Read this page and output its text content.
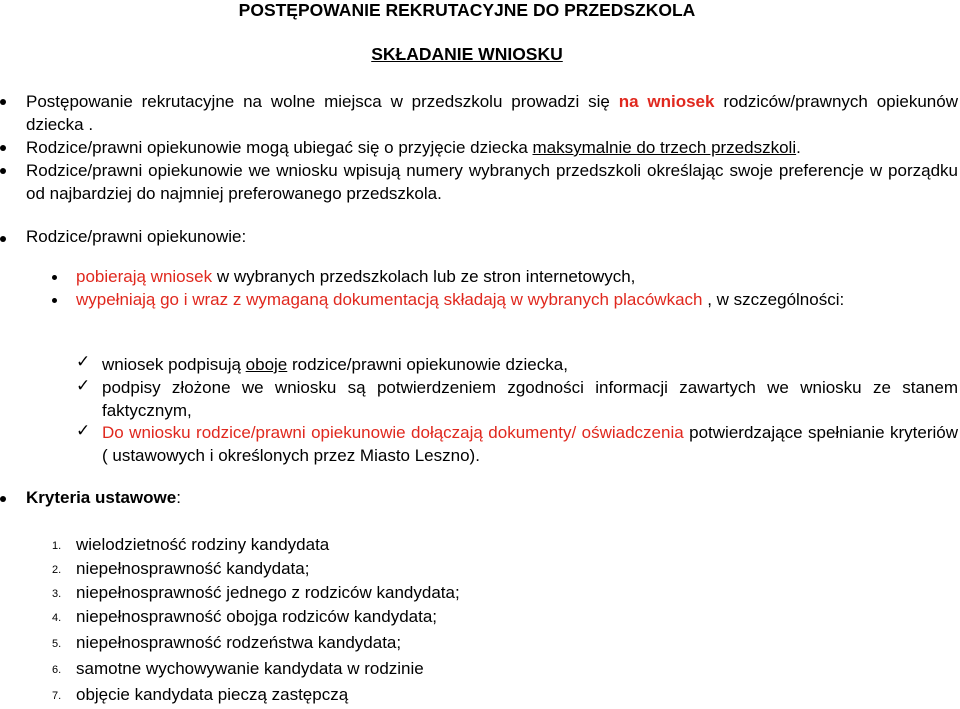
POSTĘPOWANIE REKRUTACYJNE DO PRZEDSZKOLA
SKŁADANIE WNIOSKU
Postępowanie rekrutacyjne na wolne miejsca w przedszkolu prowadzi się na wniosek rodziców/prawnych opiekunów dziecka .
Rodzice/prawni opiekunowie mogą ubiegać się o przyjęcie dziecka maksymalnie do trzech przedszkoli.
Rodzice/prawni opiekunowie we wniosku wpisują numery wybranych przedszkoli określając swoje preferencje w porządku od najbardziej do najmniej preferowanego przedszkola.
Rodzice/prawni opiekunowie:
pobierają wniosek w wybranych przedszkolach lub ze stron internetowych,
wypełniają go i wraz z wymaganą dokumentacją składają w wybranych placówkach , w szczególności:
✓ wniosek podpisują oboje rodzice/prawni opiekunowie dziecka,
✓ podpisy złożone we wniosku są potwierdzeniem zgodności informacji zawartych we wniosku ze stanem faktycznym,
✓ Do wniosku rodzice/prawni opiekunowie dołączają dokumenty/ oświadczenia potwierdzające spełnianie kryteriów ( ustawowych i określonych przez Miasto Leszno).
Kryteria ustawowe:
1. wielodzietność rodziny kandydata
2. niepełnosprawność kandydata;
3. niepełnosprawność jednego z rodziców kandydata;
4. niepełnosprawność obojga rodziców kandydata;
5. niepełnosprawność rodzeństwa kandydata;
6. samotne wychowywanie kandydata w rodzinie
7. objęcie kandydata pieczą zastępczą
